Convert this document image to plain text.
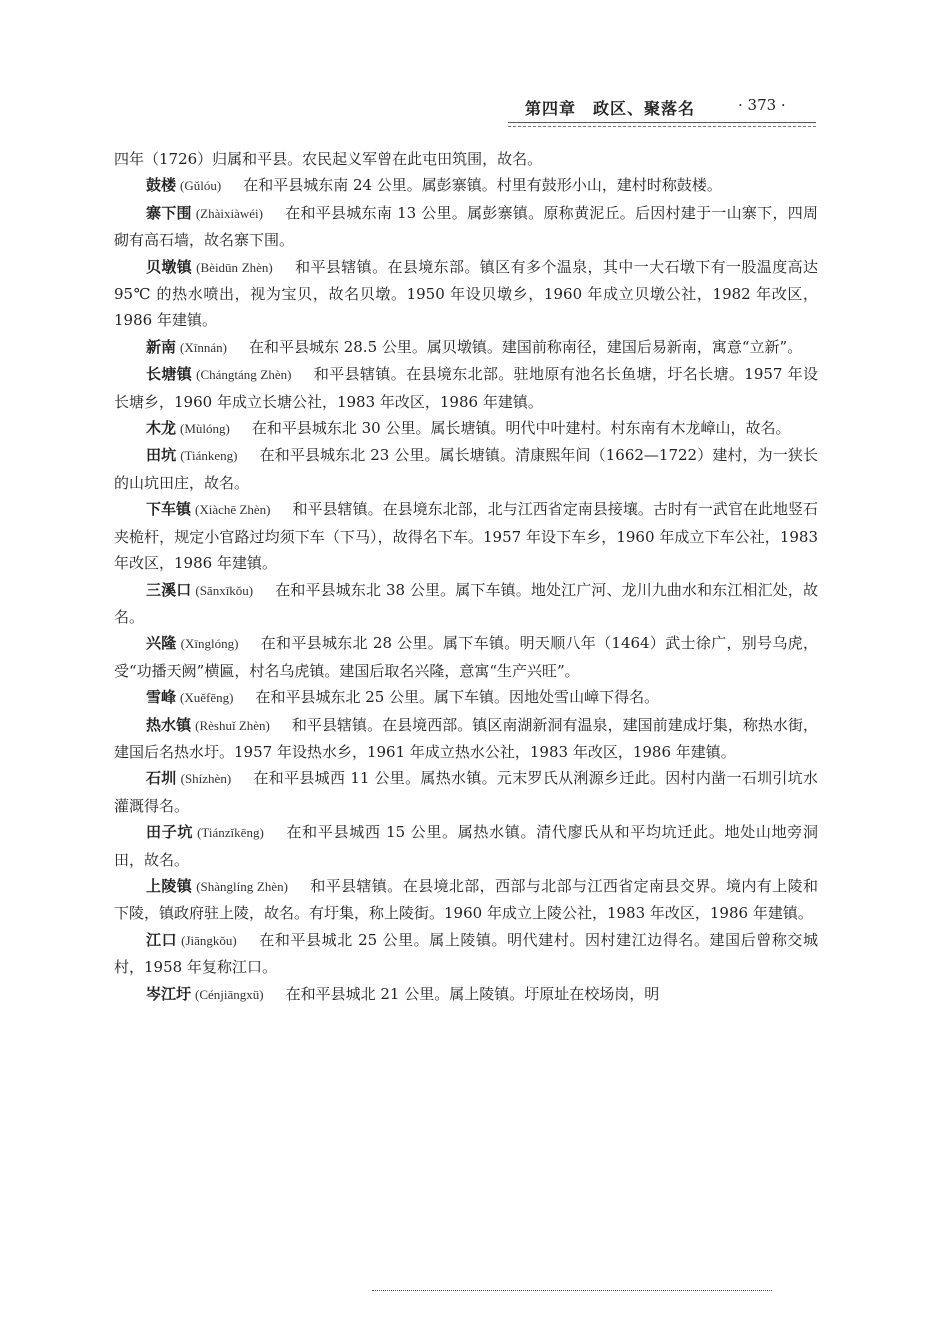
第四章　政区、聚落名	· 373 ·

四年（1726）归属和平县。农民起义军曾在此屯田筑围，故名。

鼓楼 (Gǔlóu) 在和平县城东南 24 公里。属彭寨镇。村里有鼓形小山，建村时称鼓楼。

寨下围 (Zhàixiàwéi) 在和平县城东南 13 公里。属彭寨镇。原称黄泥丘。后因村建于一山寨下，四周砌有高石墙，故名寨下围。

贝墩镇 (Bèidūn Zhèn) 和平县辖镇。在县境东部。镇区有多个温泉，其中一大石墩下有一股温度高达 95℃ 的热水喷出，视为宝贝，故名贝墩。1950 年设贝墩乡，1960 年成立贝墩公社，1982 年改区，1986 年建镇。

新南 (Xīnnán) 在和平县城东 28.5 公里。属贝墩镇。建国前称南径，建国后易新南，寓意“立新”。

长塘镇 (Chángtáng Zhèn) 和平县辖镇。在县境东北部。驻地原有池名长鱼塘，圩名长塘。1957 年设长塘乡，1960 年成立长塘公社，1983 年改区，1986 年建镇。

木龙 (Mùlóng) 在和平县城东北 30 公里。属长塘镇。明代中叶建村。村东南有木龙嶂山，故名。

田坑 (Tiánkeng) 在和平县城东北 23 公里。属长塘镇。清康熙年间（1662—1722）建村，为一狭长的山坑田庄，故名。

下车镇 (Xiàchē Zhèn) 和平县辖镇。在县境东北部，北与江西省定南县接壤。古时有一武官在此地竖石夹桅杆，规定小官路过均须下车（下马），故得名下车。1957 年设下车乡，1960 年成立下车公社，1983 年改区，1986 年建镇。

三溪口 (Sānxīkǒu) 在和平县城东北 38 公里。属下车镇。地处江广河、龙川九曲水和东江相汇处，故名。

兴隆 (Xīnglóng) 在和平县城东北 28 公里。属下车镇。明天顺八年（1464）武士徐广，别号乌虎，受“功播天阙”横匾，村名乌虎镇。建国后取名兴隆，意寓“生产兴旺”。

雪峰 (Xuěfēng) 在和平县城东北 25 公里。属下车镇。因地处雪山嶂下得名。

热水镇 (Rèshuǐ Zhèn) 和平县辖镇。在县境西部。镇区南湖新洞有温泉，建国前建成圩集，称热水街，建国后名热水圩。1957 年设热水乡，1961 年成立热水公社，1983 年改区，1986 年建镇。

石圳 (Shízhèn) 在和平县城西 11 公里。属热水镇。元末罗氏从浰源乡迁此。因村内凿一石圳引坑水灌溉得名。

田子坑 (Tiánzǐkēng) 在和平县城西 15 公里。属热水镇。清代廖氏从和平均坑迁此。地处山地旁洞田，故名。

上陵镇 (Shànglíng Zhèn) 和平县辖镇。在县境北部，西部与北部与江西省定南县交界。境内有上陵和下陵，镇政府驻上陵，故名。有圩集，称上陵街。1960 年成立上陵公社，1983 年改区，1986 年建镇。

江口 (Jiāngkǒu) 在和平县城北 25 公里。属上陵镇。明代建村。因村建江边得名。建国后曾称交城村，1958 年复称江口。

岑江圩 (Cénjiāngxū) 在和平县城北 21 公里。属上陵镇。圩原址在校场岗，明
